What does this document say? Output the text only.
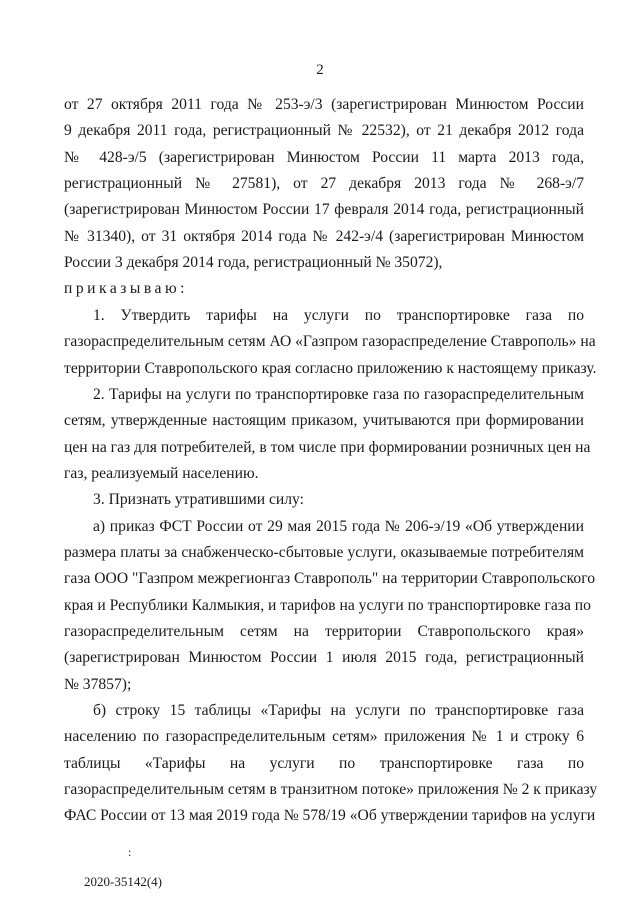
2
от 27 октября 2011 года № 253-э/3 (зарегистрирован Минюстом России
9 декабря 2011 года, регистрационный № 22532), от 21 декабря 2012 года
№ 428-э/5 (зарегистрирован Минюстом России 11 марта 2013 года,
регистрационный № 27581), от 27 декабря 2013 года № 268-э/7
(зарегистрирован Минюстом России 17 февраля 2014 года, регистрационный
№ 31340), от 31 октября 2014 года № 242-э/4 (зарегистрирован Минюстом
России 3 декабря 2014 года, регистрационный № 35072),
приказываю:
1. Утвердить тарифы на услуги по транспортировке газа по
газораспределительным сетям АО «Газпром газораспределение Ставрополь» на
территории Ставропольского края согласно приложению к настоящему приказу.
2. Тарифы на услуги по транспортировке газа по газораспределительным
сетям, утвержденные настоящим приказом, учитываются при формировании
цен на газ для потребителей, в том числе при формировании розничных цен на
газ, реализуемый населению.
3. Признать утратившими силу:
а) приказ ФСТ России от 29 мая 2015 года № 206-э/19 «Об утверждении
размера платы за снабженческо-сбытовые услуги, оказываемые потребителям
газа ООО "Газпром межрегионгаз Ставрополь" на территории Ставропольского
края и Республики Калмыкия, и тарифов на услуги по транспортировке газа по
газораспределительным сетям на территории Ставропольского края»
(зарегистрирован Минюстом России 1 июля 2015 года, регистрационный
№ 37857);
б) строку 15 таблицы «Тарифы на услуги по транспортировке газа
населению по газораспределительным сетям» приложения № 1 и строку 6
таблицы «Тарифы на услуги по транспортировке газа по
газораспределительным сетям в транзитном потоке» приложения № 2 к приказу
ФАС России от 13 мая 2019 года № 578/19 «Об утверждении тарифов на услуги
:
2020-35142(4)
